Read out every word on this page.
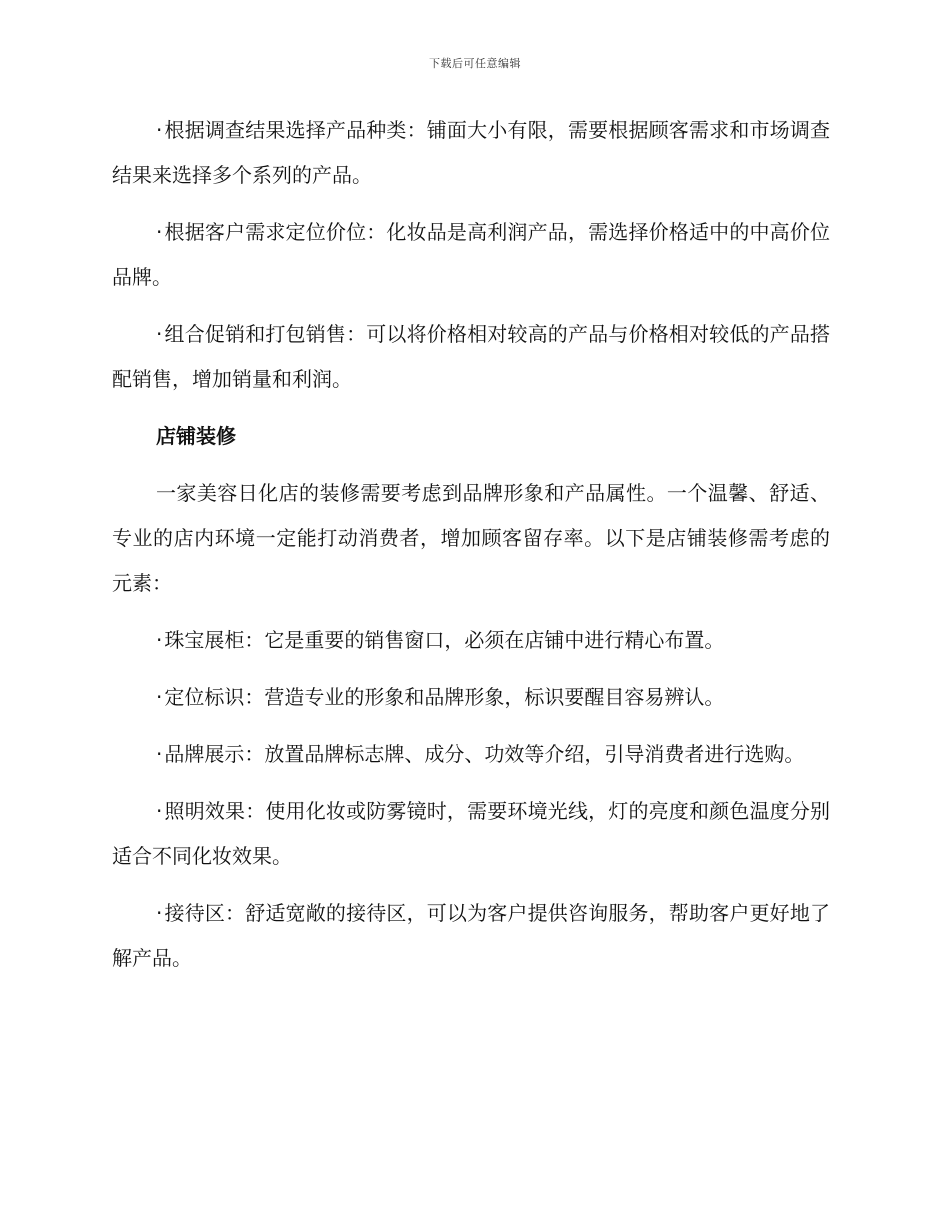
下载后可任意编辑

· 根据调查结果选择产品种类：铺面大小有限，需要根据顾客需求和市场调查结果来选择多个系列的产品。

· 根据客户需求定位价位：化妆品是高利润产品，需选择价格适中的中高价位品牌。

· 组合促销和打包销售：可以将价格相对较高的产品与价格相对较低的产品搭配销售，增加销量和利润。

店铺装修

一家美容日化店的装修需要考虑到品牌形象和产品属性。一个温馨、舒适、专业的店内环境一定能打动消费者，增加顾客留存率。以下是店铺装修需考虑的元素：

· 珠宝展柜：它是重要的销售窗口，必须在店铺中进行精心布置。

· 定位标识：营造专业的形象和品牌形象，标识要醒目容易辨认。

· 品牌展示：放置品牌标志牌、成分、功效等介绍，引导消费者进行选购。

· 照明效果：使用化妆或防雾镜时，需要环境光线，灯的亮度和颜色温度分别适合不同化妆效果。

· 接待区：舒适宽敞的接待区，可以为客户提供咨询服务，帮助客户更好地了解产品。
